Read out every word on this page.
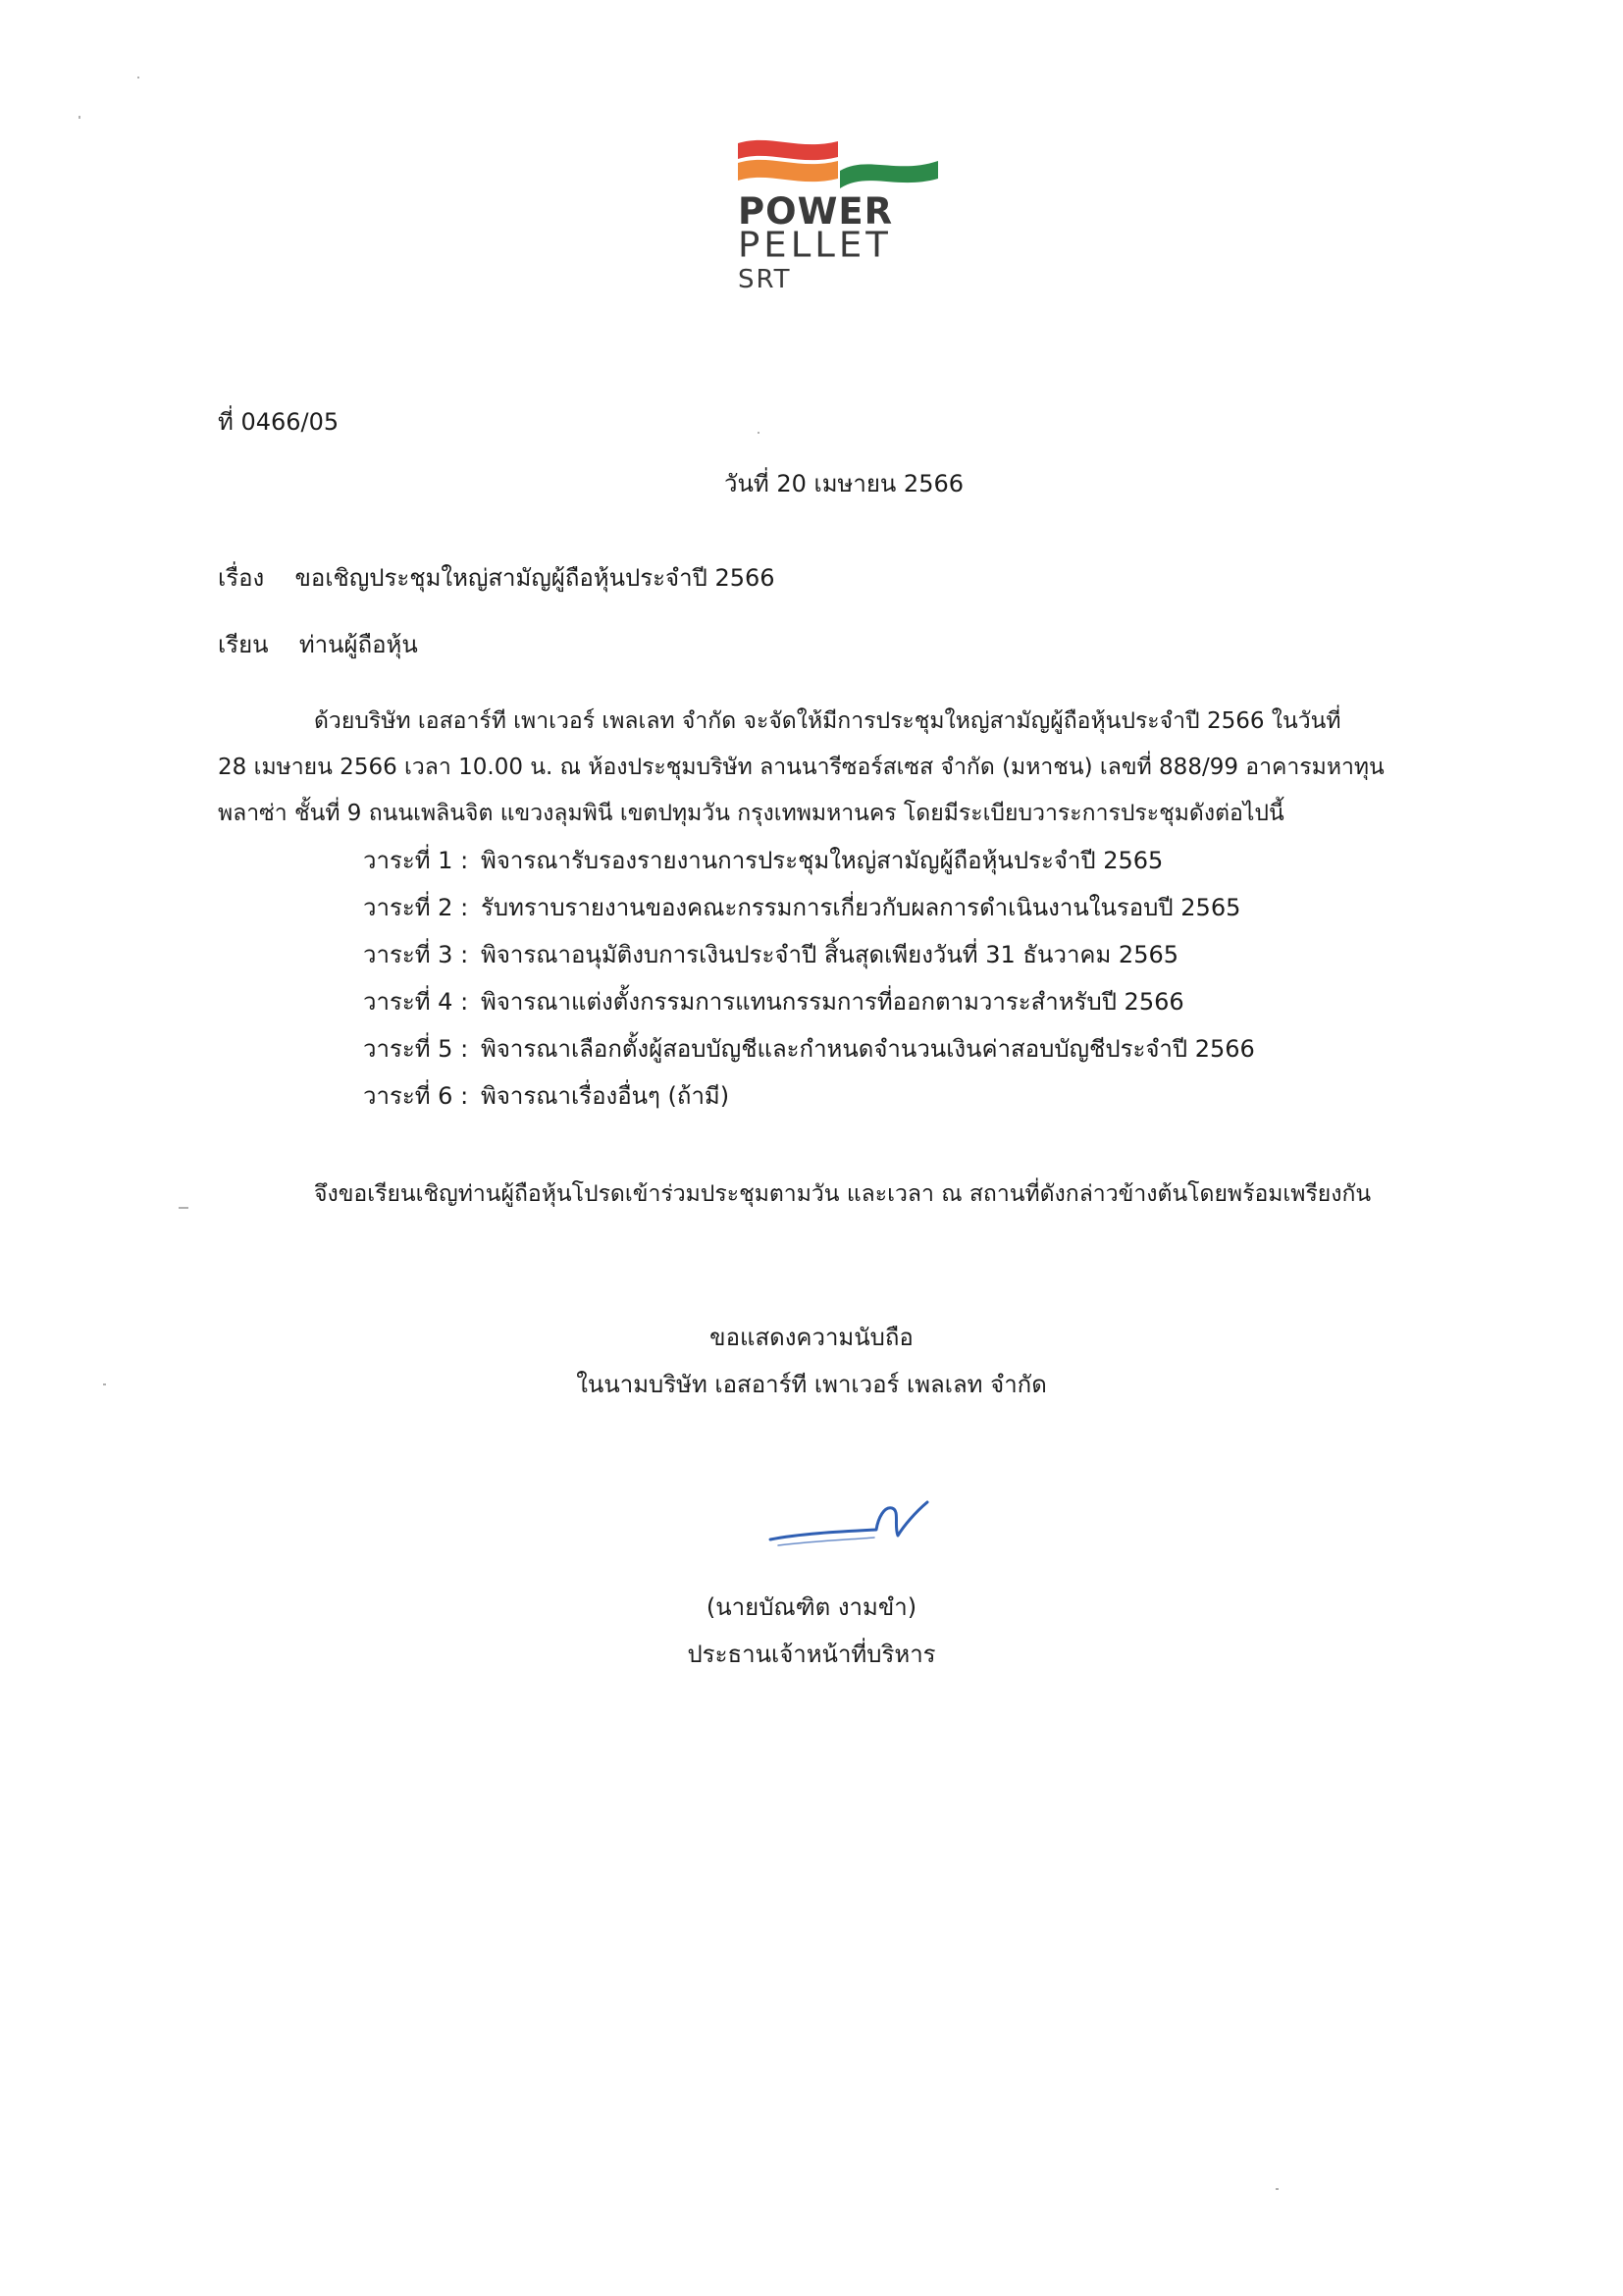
POWER
PELLET
SRT
ที่ 0466/05
วันที่ 20 เมษายน 2566
เรื่อง ขอเชิญประชุมใหญ่สามัญผู้ถือหุ้นประจำปี 2566
เรียน ท่านผู้ถือหุ้น
ด้วยบริษัท เอสอาร์ที เพาเวอร์ เพลเลท จำกัด จะจัดให้มีการประชุมใหญ่สามัญผู้ถือหุ้นประจำปี 2566 ในวันที่
28 เมษายน 2566 เวลา 10.00 น. ณ ห้องประชุมบริษัท ลานนารีซอร์สเซส จำกัด (มหาชน) เลขที่ 888/99 อาคารมหาทุน
พลาซ่า ชั้นที่ 9 ถนนเพลินจิต แขวงลุมพินี เขตปทุมวัน กรุงเทพมหานคร โดยมีระเบียบวาระการประชุมดังต่อไปนี้
วาระที่ 1 : พิจารณารับรองรายงานการประชุมใหญ่สามัญผู้ถือหุ้นประจำปี 2565
วาระที่ 2 : รับทราบรายงานของคณะกรรมการเกี่ยวกับผลการดำเนินงานในรอบปี 2565
วาระที่ 3 : พิจารณาอนุมัติงบการเงินประจำปี สิ้นสุดเพียงวันที่ 31 ธันวาคม 2565
วาระที่ 4 : พิจารณาแต่งตั้งกรรมการแทนกรรมการที่ออกตามวาระสำหรับปี 2566
วาระที่ 5 : พิจารณาเลือกตั้งผู้สอบบัญชีและกำหนดจำนวนเงินค่าสอบบัญชีประจำปี 2566
วาระที่ 6 : พิจารณาเรื่องอื่นๆ (ถ้ามี)
จึงขอเรียนเชิญท่านผู้ถือหุ้นโปรดเข้าร่วมประชุมตามวัน และเวลา ณ สถานที่ดังกล่าวข้างต้นโดยพร้อมเพรียงกัน
ขอแสดงความนับถือ
ในนามบริษัท เอสอาร์ที เพาเวอร์ เพลเลท จำกัด
(นายบัณฑิต งามขำ)
ประธานเจ้าหน้าที่บริหาร
